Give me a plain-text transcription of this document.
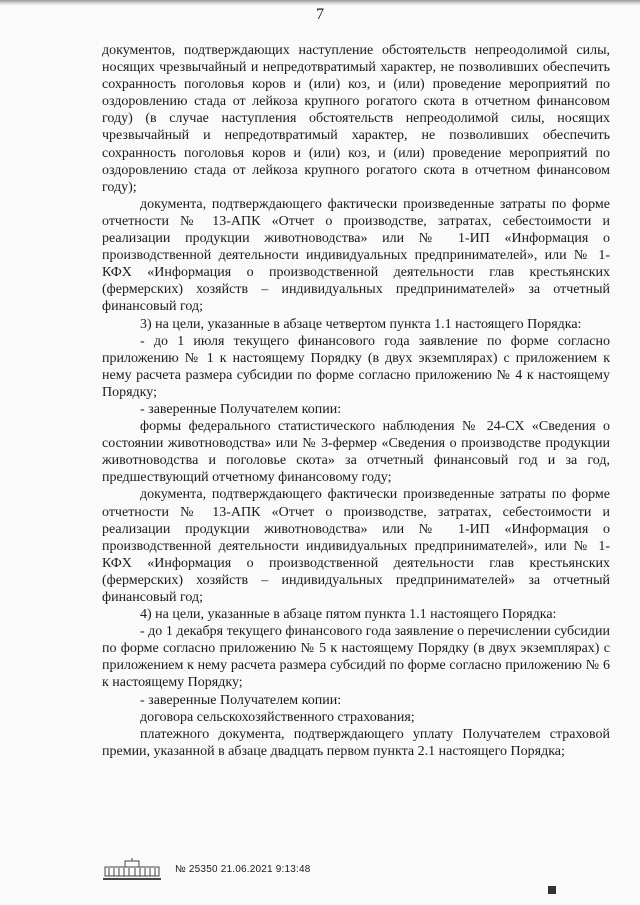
7

документов, подтверждающих наступление обстоятельств непреодолимой силы, носящих чрезвычайный и непредотвратимый характер, не позволивших обеспечить сохранность поголовья коров и (или) коз, и (или) проведение мероприятий по оздоровлению стада от лейкоза крупного рогатого скота в отчетном финансовом году) (в случае наступления обстоятельств непреодолимой силы, носящих чрезвычайный и непредотвратимый характер, не позволивших обеспечить сохранность поголовья коров и (или) коз, и (или) проведение мероприятий по оздоровлению стада от лейкоза крупного рогатого скота в отчетном финансовом году);

документа, подтверждающего фактически произведенные затраты по форме отчетности № 13-АПК «Отчет о производстве, затратах, себестоимости и реализации продукции животноводства» или № 1-ИП «Информация о производственной деятельности индивидуальных предпринимателей», или № 1-КФХ «Информация о производственной деятельности глав крестьянских (фермерских) хозяйств – индивидуальных предпринимателей» за отчетный финансовый год;

3) на цели, указанные в абзаце четвертом пункта 1.1 настоящего Порядка:

- до 1 июля текущего финансового года заявление по форме согласно приложению № 1 к настоящему Порядку (в двух экземплярах) с приложением к нему расчета размера субсидии по форме согласно приложению № 4 к настоящему Порядку;

- заверенные Получателем копии:

формы федерального статистического наблюдения № 24-СХ «Сведения о состоянии животноводства» или № 3-фермер «Сведения о производстве продукции животноводства и поголовье скота» за отчетный финансовый год и за год, предшествующий отчетному финансовому году;

документа, подтверждающего фактически произведенные затраты по форме отчетности № 13-АПК «Отчет о производстве, затратах, себестоимости и реализации продукции животноводства» или № 1-ИП «Информация о производственной деятельности индивидуальных предпринимателей», или № 1-КФХ «Информация о производственной деятельности глав крестьянских (фермерских) хозяйств – индивидуальных предпринимателей» за отчетный финансовый год;

4) на цели, указанные в абзаце пятом пункта 1.1 настоящего Порядка:

- до 1 декабря текущего финансового года заявление о перечислении субсидии по форме согласно приложению № 5 к настоящему Порядку (в двух экземплярах) с приложением к нему расчета размера субсидий по форме согласно приложению № 6 к настоящему Порядку;

- заверенные Получателем копии:

договора сельскохозяйственного страхования;

платежного документа, подтверждающего уплату Получателем страховой премии, указанной в абзаце двадцать первом пункта 2.1 настоящего Порядка;

№ 25350 21.06.2021 9:13:48
